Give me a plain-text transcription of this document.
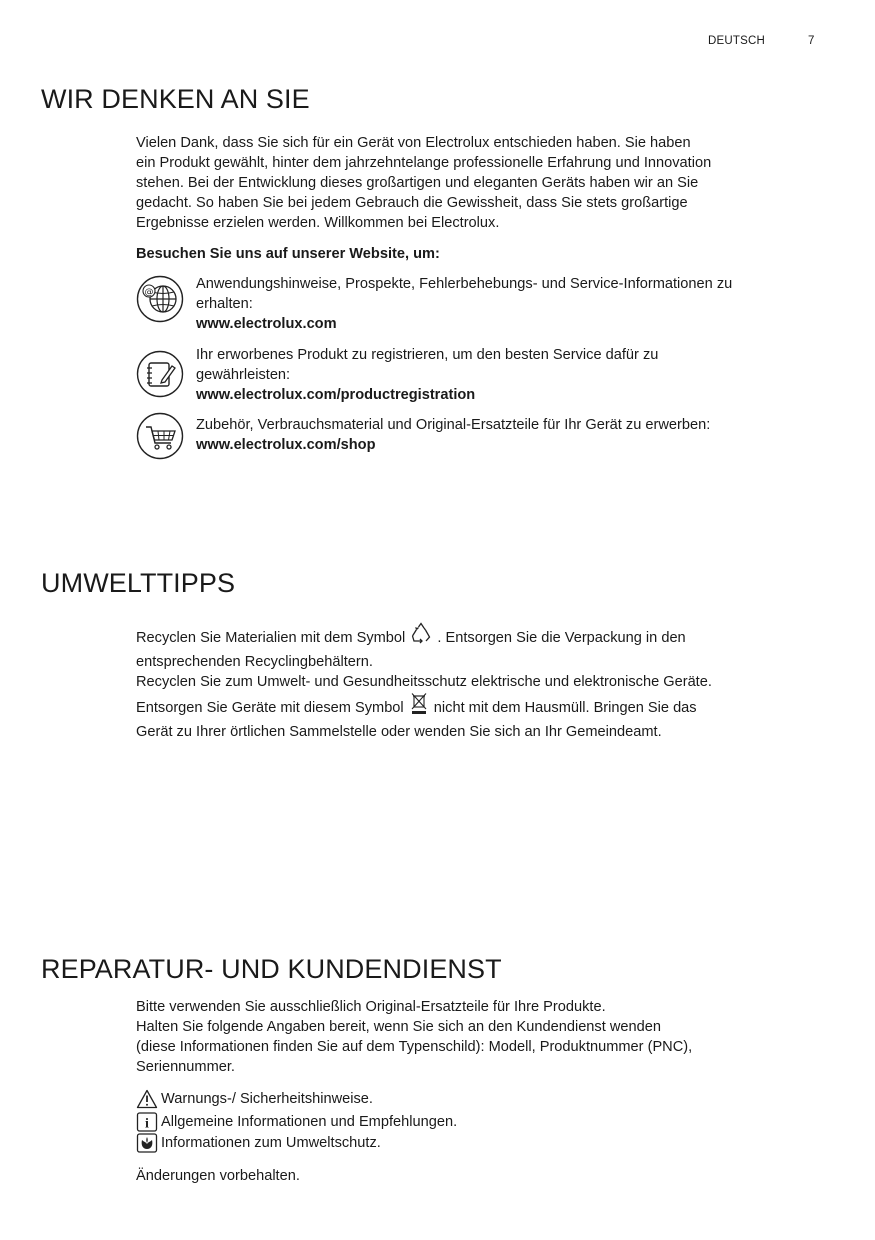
DEUTSCH	7
WIR DENKEN AN SIE

Vielen Dank, dass Sie sich für ein Gerät von Electrolux entschieden haben. Sie haben

ein Produkt gewählt, hinter dem jahrzehntelange professionelle Erfahrung und Innovation

stehen. Bei der Entwicklung dieses großartigen und eleganten Geräts haben wir an Sie

gedacht. So haben Sie bei jedem Gebrauch die Gewissheit, dass Sie stets großartige

Ergebnisse erzielen werden. Willkommen bei Electrolux.

Besuchen Sie uns auf unserer Website, um:

@

Anwendungshinweise, Prospekte, Fehlerbehebungs- und Service-Informationen zu

erhalten:

www.electrolux.com

Ihr erworbenes Produkt zu registrieren, um den besten Service dafür zu

gewährleisten:

www.electrolux.com/productregistration

Zubehör, Verbrauchsmaterial und Original-Ersatzteile für Ihr Gerät zu erwerben:

www.electrolux.com/shop

UMWELTTIPPS

Recyclen Sie Materialien mit dem Symbol . Entsorgen Sie die Verpackung in den

entsprechenden Recyclingbehältern.

Recyclen Sie zum Umwelt- und Gesundheitsschutz elektrische und elektronische Geräte.

Entsorgen Sie Geräte mit diesem Symbol nicht mit dem Hausmüll. Bringen Sie das

Gerät zu Ihrer örtlichen Sammelstelle oder wenden Sie sich an Ihr Gemeindeamt.

REPARATUR- UND KUNDENDIENST

Bitte verwenden Sie ausschließlich Original-Ersatzteile für Ihre Produkte.

Halten Sie folgende Angaben bereit, wenn Sie sich an den Kundendienst wenden

(diese Informationen finden Sie auf dem Typenschild): Modell, Produktnummer (PNC),

Seriennummer.

Warnungs-/ Sicherheitshinweise.
i Allgemeine Informationen und Empfehlungen.
Informationen zum Umweltschutz.

Änderungen vorbehalten.
